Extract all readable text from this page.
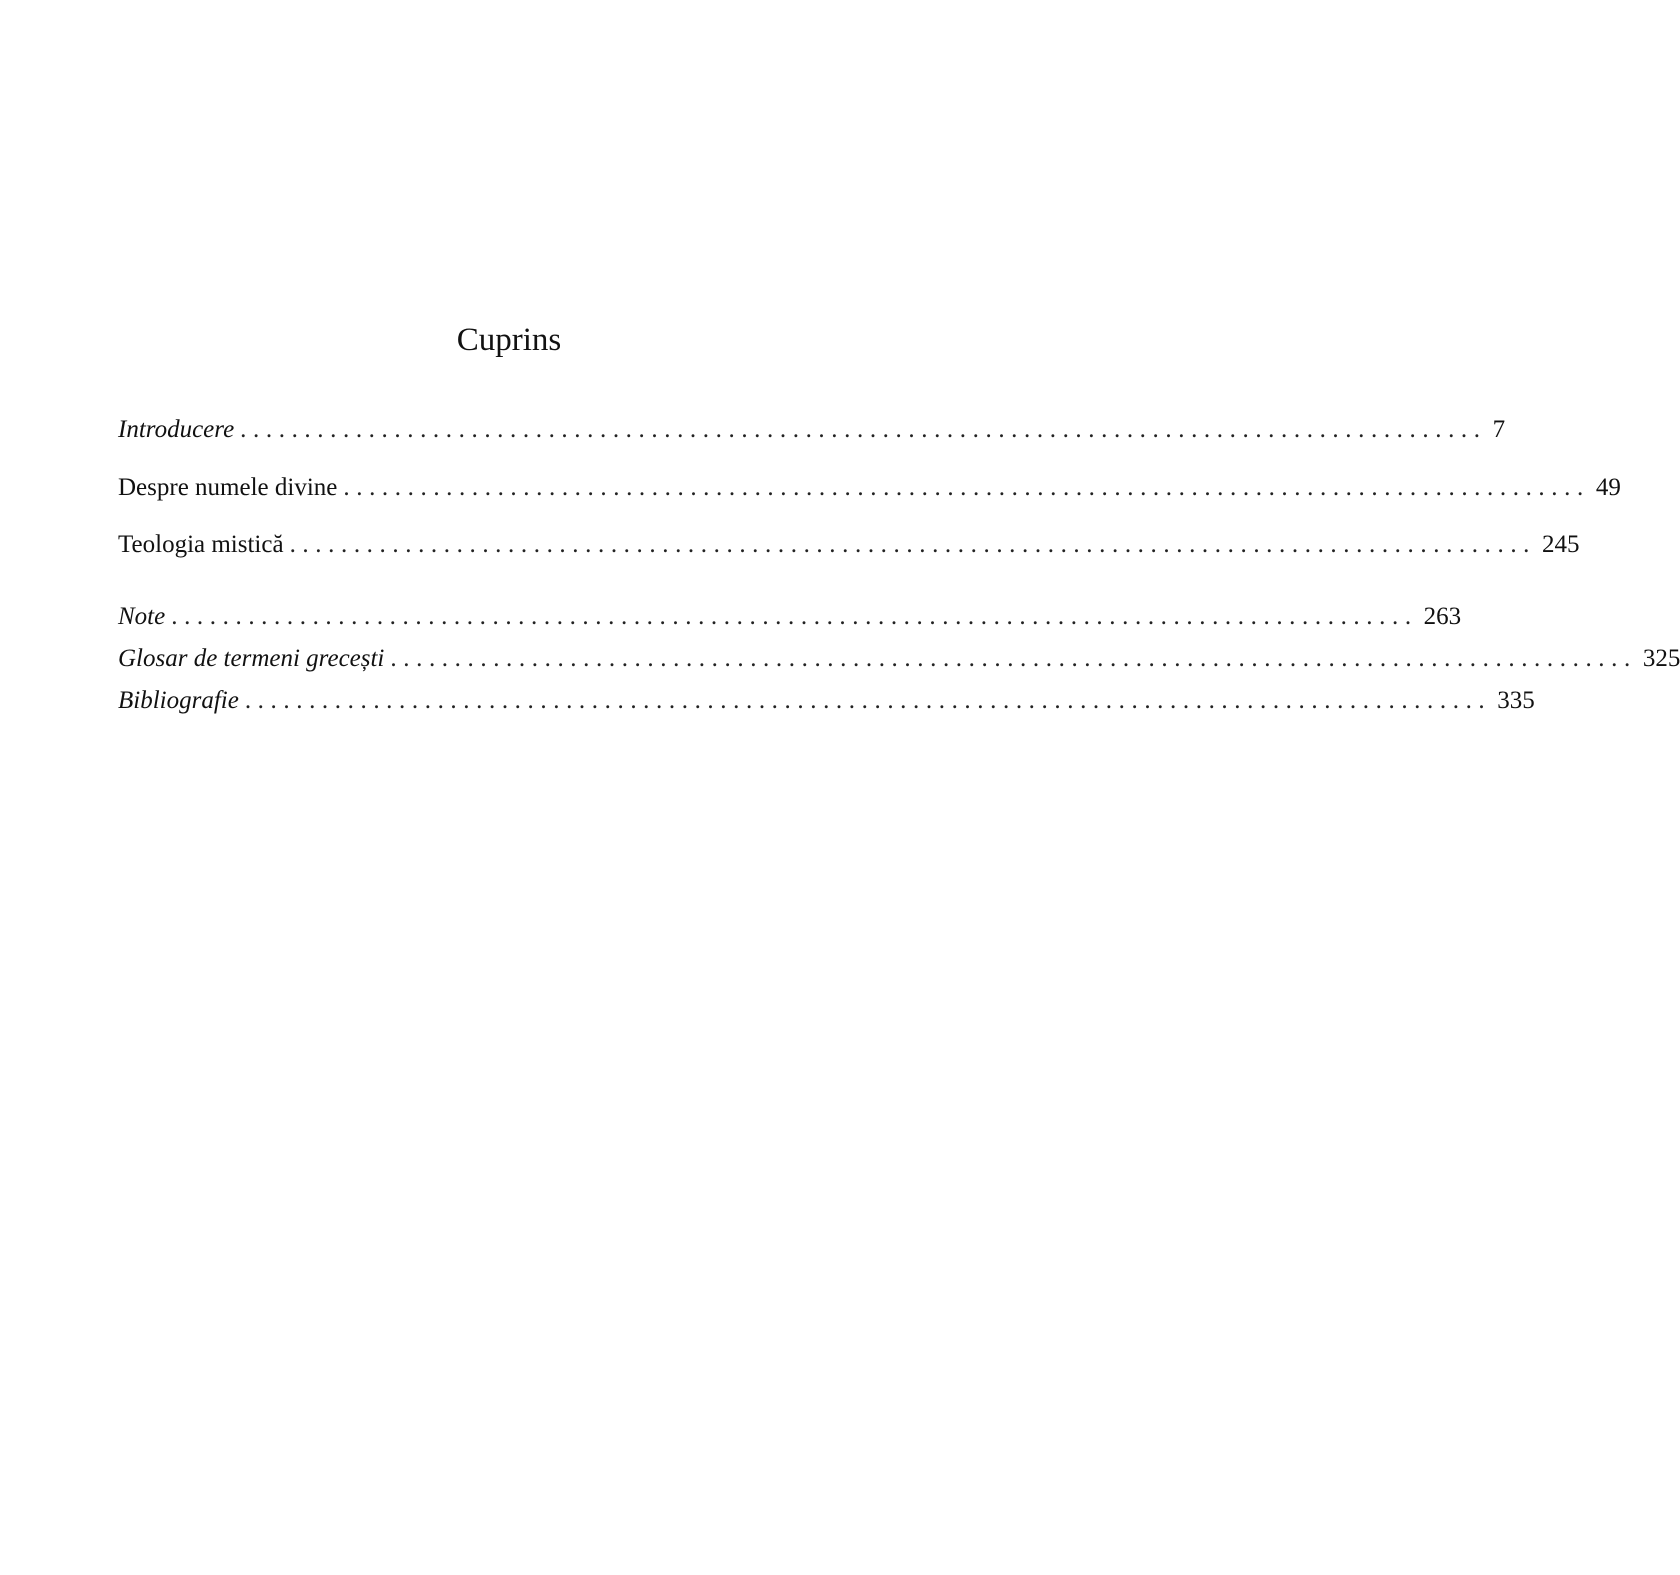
Cuprins
Introducere ................................................................................................. 7
Despre numele divine ................................................................................................. 49
Teologia mistică ................................................................................................. 245
Note ................................................................................................. 263
Glosar de termeni grecești ................................................................................................. 325
Bibliografie ................................................................................................. 335
